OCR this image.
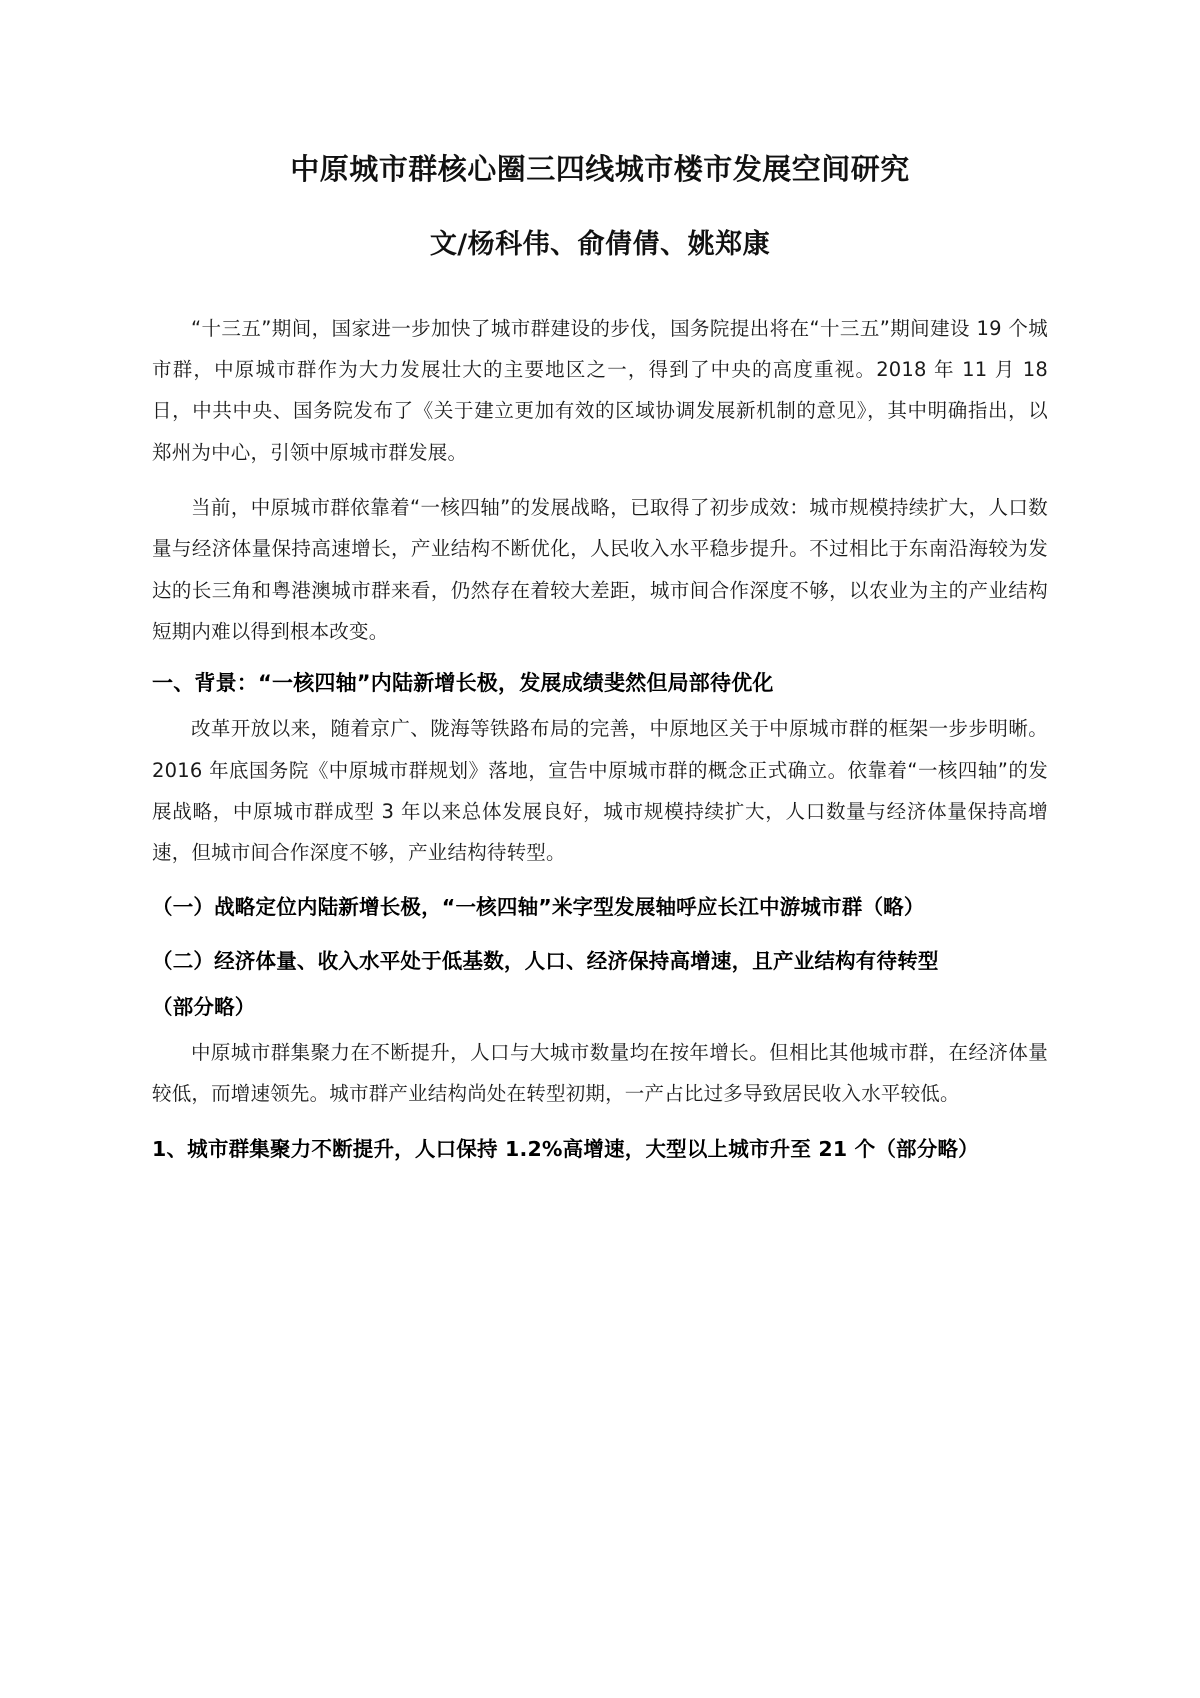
中原城市群核心圈三四线城市楼市发展空间研究
文/杨科伟、俞倩倩、姚郑康

“十三五”期间，国家进一步加快了城市群建设的步伐，国务院提出将在“十三五”期间建设 19 个城市群，中原城市群作为大力发展壮大的主要地区之一，得到了中央的高度重视。2018 年 11 月 18 日，中共中央、国务院发布了《关于建立更加有效的区域协调发展新机制的意见》，其中明确指出，以郑州为中心，引领中原城市群发展。

当前，中原城市群依靠着“一核四轴”的发展战略，已取得了初步成效：城市规模持续扩大，人口数量与经济体量保持高速增长，产业结构不断优化，人民收入水平稳步提升。不过相比于东南沿海较为发达的长三角和粤港澳城市群来看，仍然存在着较大差距，城市间合作深度不够，以农业为主的产业结构短期内难以得到根本改变。

一、背景：“一核四轴”内陆新增长极，发展成绩斐然但局部待优化

改革开放以来，随着京广、陇海等铁路布局的完善，中原地区关于中原城市群的框架一步步明晰。2016 年底国务院《中原城市群规划》落地，宣告中原城市群的概念正式确立。依靠着“一核四轴”的发展战略，中原城市群成型 3 年以来总体发展良好，城市规模持续扩大，人口数量与经济体量保持高增速，但城市间合作深度不够，产业结构待转型。

（一）战略定位内陆新增长极，“一核四轴”米字型发展轴呼应长江中游城市群（略）
（二）经济体量、收入水平处于低基数，人口、经济保持高增速，且产业结构有待转型
（部分略）

中原城市群集聚力在不断提升，人口与大城市数量均在按年增长。但相比其他城市群，在经济体量较低，而增速领先。城市群产业结构尚处在转型初期，一产占比过多导致居民收入水平较低。

1、城市群集聚力不断提升，人口保持 1.2%高增速，大型以上城市升至 21 个（部分略）
